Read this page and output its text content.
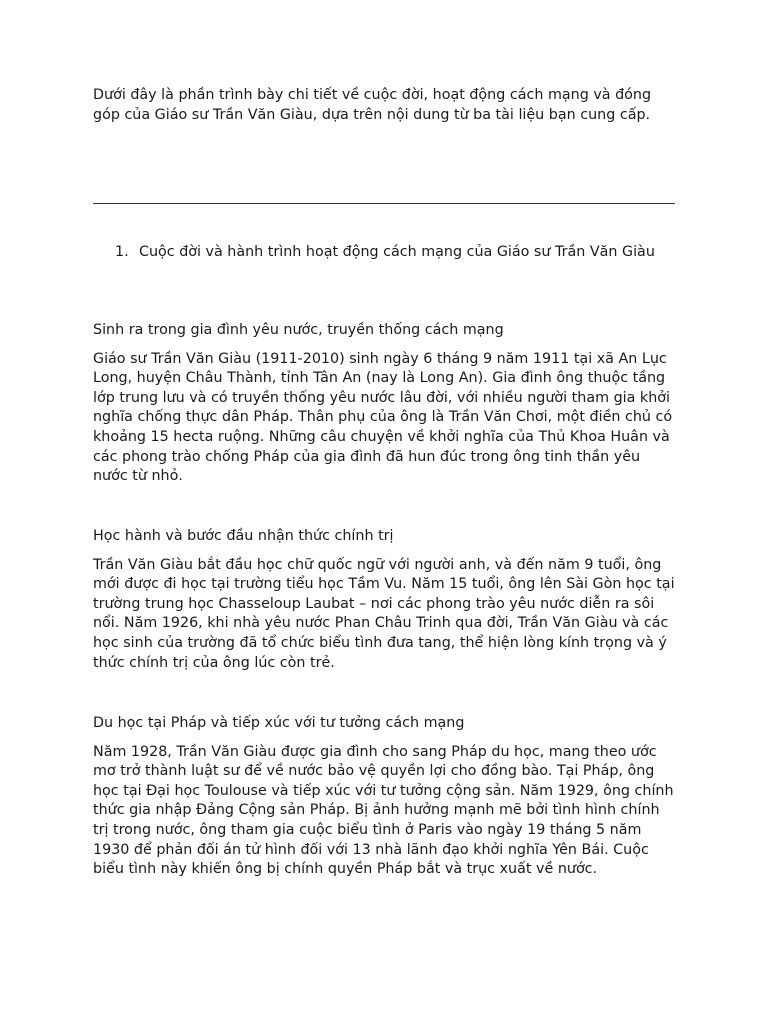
Dưới đây là phần trình bày chi tiết về cuộc đời, hoạt động cách mạng và đóng góp của Giáo sư Trần Văn Giàu, dựa trên nội dung từ ba tài liệu bạn cung cấp.

1. Cuộc đời và hành trình hoạt động cách mạng của Giáo sư Trần Văn Giàu

Sinh ra trong gia đình yêu nước, truyền thống cách mạng

Giáo sư Trần Văn Giàu (1911-2010) sinh ngày 6 tháng 9 năm 1911 tại xã An Lục Long, huyện Châu Thành, tỉnh Tân An (nay là Long An). Gia đình ông thuộc tầng lớp trung lưu và có truyền thống yêu nước lâu đời, với nhiều người tham gia khởi nghĩa chống thực dân Pháp. Thân phụ của ông là Trần Văn Chơi, một điền chủ có khoảng 15 hecta ruộng. Những câu chuyện về khởi nghĩa của Thủ Khoa Huân và các phong trào chống Pháp của gia đình đã hun đúc trong ông tinh thần yêu nước từ nhỏ.

Học hành và bước đầu nhận thức chính trị

Trần Văn Giàu bắt đầu học chữ quốc ngữ với người anh, và đến năm 9 tuổi, ông mới được đi học tại trường tiểu học Tầm Vu. Năm 15 tuổi, ông lên Sài Gòn học tại trường trung học Chasseloup Laubat – nơi các phong trào yêu nước diễn ra sôi nổi. Năm 1926, khi nhà yêu nước Phan Châu Trinh qua đời, Trần Văn Giàu và các học sinh của trường đã tổ chức biểu tình đưa tang, thể hiện lòng kính trọng và ý thức chính trị của ông lúc còn trẻ.

Du học tại Pháp và tiếp xúc với tư tưởng cách mạng

Năm 1928, Trần Văn Giàu được gia đình cho sang Pháp du học, mang theo ước mơ trở thành luật sư để về nước bảo vệ quyền lợi cho đồng bào. Tại Pháp, ông học tại Đại học Toulouse và tiếp xúc với tư tưởng cộng sản. Năm 1929, ông chính thức gia nhập Đảng Cộng sản Pháp. Bị ảnh hưởng mạnh mẽ bởi tình hình chính trị trong nước, ông tham gia cuộc biểu tình ở Paris vào ngày 19 tháng 5 năm 1930 để phản đối án tử hình đối với 13 nhà lãnh đạo khởi nghĩa Yên Bái. Cuộc biểu tình này khiến ông bị chính quyền Pháp bắt và trục xuất về nước.
